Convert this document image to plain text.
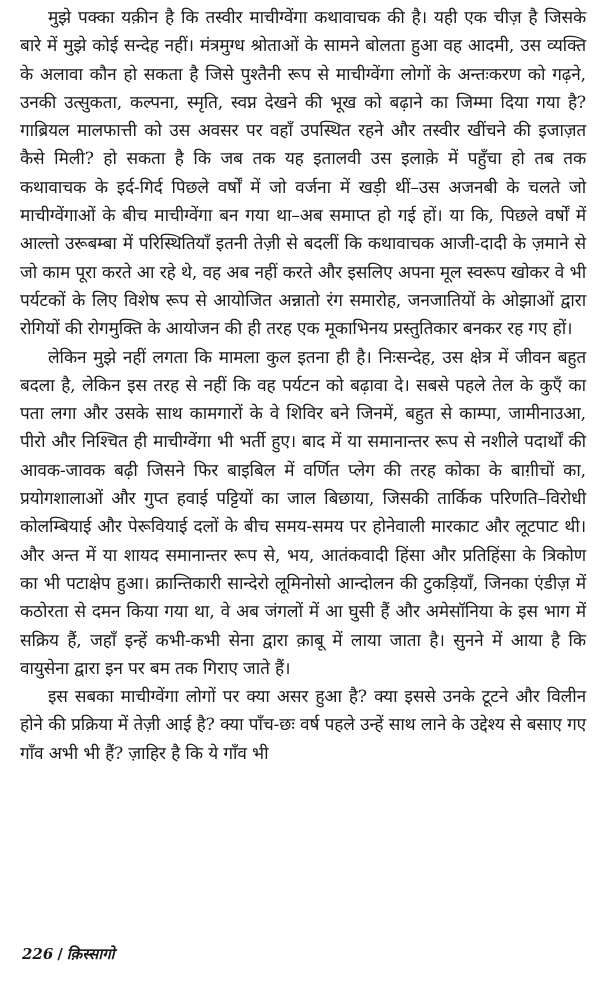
मुझे पक्का यक़ीन है कि तस्वीर माचीग्वेंगा कथावाचक की है। यही एक चीज़ है जिसके बारे में मुझे कोई सन्देह नहीं। मंत्रमुग्ध श्रोताओं के सामने बोलता हुआ वह आदमी, उस व्यक्ति के अलावा कौन हो सकता है जिसे पुश्तैनी रूप से माचीग्वेंगा लोगों के अन्तःकरण को गढ़ने, उनकी उत्सुकता, कल्पना, स्मृति, स्वप्न देखने की भूख को बढ़ाने का जिम्मा दिया गया है? गाब्रियल मालफात्ती को उस अवसर पर वहाँ उपस्थित रहने और तस्वीर खींचने की इजाज़त कैसे मिली? हो सकता है कि जब तक यह इतालवी उस इलाक़े में पहुँचा हो तब तक कथावाचक के इर्द-गिर्द पिछले वर्षों में जो वर्जना में खड़ी थीं–उस अजनबी के चलते जो माचीग्वेंगाओं के बीच माचीग्वेंगा बन गया था–अब समाप्त हो गई हों। या कि, पिछले वर्षों में आल्तो उरूबम्बा में परिस्थितियाँ इतनी तेज़ी से बदलीं कि कथावाचक आजी-दादी के ज़माने से जो काम पूरा करते आ रहे थे, वह अब नहीं करते और इसलिए अपना मूल स्वरूप खोकर वे भी पर्यटकों के लिए विशेष रूप से आयोजित अन्नातो रंग समारोह, जनजातियों के ओझाओं द्वारा रोगियों की रोगमुक्ति के आयोजन की ही तरह एक मूकाभिनय प्रस्तुतिकार बनकर रह गए हों।

लेकिन मुझे नहीं लगता कि मामला कुल इतना ही है। निःसन्देह, उस क्षेत्र में जीवन बहुत बदला है, लेकिन इस तरह से नहीं कि वह पर्यटन को बढ़ावा दे। सबसे पहले तेल के कुएँ का पता लगा और उसके साथ कामगारों के वे शिविर बने जिनमें, बहुत से काम्पा, जामीनाउआ, पीरो और निश्चित ही माचीग्वेंगा भी भर्ती हुए। बाद में या समानान्तर रूप से नशीले पदार्थों की आवक-जावक बढ़ी जिसने फिर बाइबिल में वर्णित प्लेग की तरह कोका के बाग़ीचों का, प्रयोगशालाओं और गुप्त हवाई पट्टियों का जाल बिछाया, जिसकी तार्किक परिणति–विरोधी कोलम्बियाई और पेरूवियाई दलों के बीच समय-समय पर होनेवाली मारकाट और लूटपाट थी। और अन्त में या शायद समानान्तर रूप से, भय, आतंकवादी हिंसा और प्रतिहिंसा के त्रिकोण का भी पटाक्षेप हुआ। क्रान्तिकारी सान्देरो लूमिनोसो आन्दोलन की टुकड़ियाँ, जिनका एंडीज़ में कठोरता से दमन किया गया था, वे अब जंगलों में आ घुसी हैं और अमेसॉनिया के इस भाग में सक्रिय हैं, जहाँ इन्हें कभी-कभी सेना द्वारा क़ाबू में लाया जाता है। सुनने में आया है कि वायुसेना द्वारा इन पर बम तक गिराए जाते हैं।

इस सबका माचीग्वेंगा लोगों पर क्या असर हुआ है? क्या इससे उनके टूटने और विलीन होने की प्रक्रिया में तेज़ी आई है? क्या पाँच-छः वर्ष पहले उन्हें साथ लाने के उद्देश्य से बसाए गए गाँव अभी भी हैं? ज़ाहिर है कि ये गाँव भी

226 / क़िस्सागो
